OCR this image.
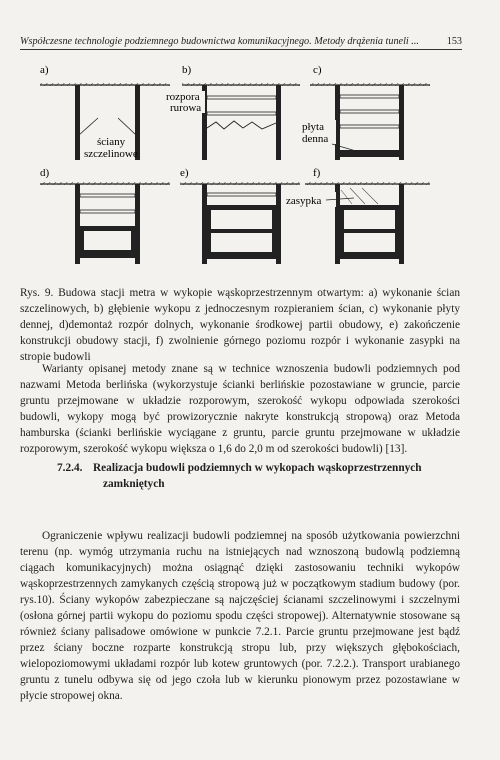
Współczesne technologie podziemnego budownictwa komunikacyjnego. Metody drążenia tuneli ...	153
a)
ściany
szczelinowe
b)
rozpora
rurowa
c)
płyta
denna
d)	e)	f)
zasypka
Rys. 9. Budowa stacji metra w wykopie wąskoprzestrzennym otwartym: a) wykonanie ścian szczelinowych, b) głębienie wykopu z jednoczesnym rozpieraniem ścian, c) wykonanie płyty dennej, d)demontaż rozpór dolnych, wykonanie środkowej partii obudowy, e) zakończenie konstrukcji obudowy stacji, f) zwolnienie górnego poziomu rozpór i wykonanie zasypki na stropie budowli
Warianty opisanej metody znane są w technice wznoszenia budowli podziemnych pod nazwami Metoda berlińska (wykorzystuje ścianki berlińskie pozostawiane w gruncie, parcie gruntu przejmowane w układzie rozporowym, szerokość wykopu odpowiada szerokości budowli, wykopy mogą być prowizorycznie nakryte konstrukcją stropową) oraz Metoda hamburska (ścianki berlińskie wyciągane z gruntu, parcie gruntu przejmowane w układzie rozporowym, szerokość wykopu większa o 1,6 do 2,0 m od szerokości budowli) [13].
7.2.4. Realizacja budowli podziemnych w wykopach wąskoprzestrzennych
zamkniętych
Ograniczenie wpływu realizacji budowli podziemnej na sposób użytkowania powierzchni terenu (np. wymóg utrzymania ruchu na istniejących nad wznoszoną budowlą podziemną ciągach komunikacyjnych) można osiągnąć dzięki zastosowaniu techniki wykopów wąskoprzestrzennych zamykanych częścią stropową już w początkowym stadium budowy (por. rys.10). Ściany wykopów zabezpieczane są najczęściej ścianami szczelinowymi i szczelnymi (osłona górnej partii wykopu do poziomu spodu części stropowej). Alternatywnie stosowane są również ściany palisadowe omówione w punkcie 7.2.1. Parcie gruntu przejmowane jest bądź przez ściany boczne rozparte konstrukcją stropu lub, przy większych głębokościach, wielopoziomowymi układami rozpór lub kotew gruntowych (por. 7.2.2.). Transport urabianego gruntu z tunelu odbywa się od jego czoła lub w kierunku pionowym przez pozostawiane w płycie stropowej okna.
